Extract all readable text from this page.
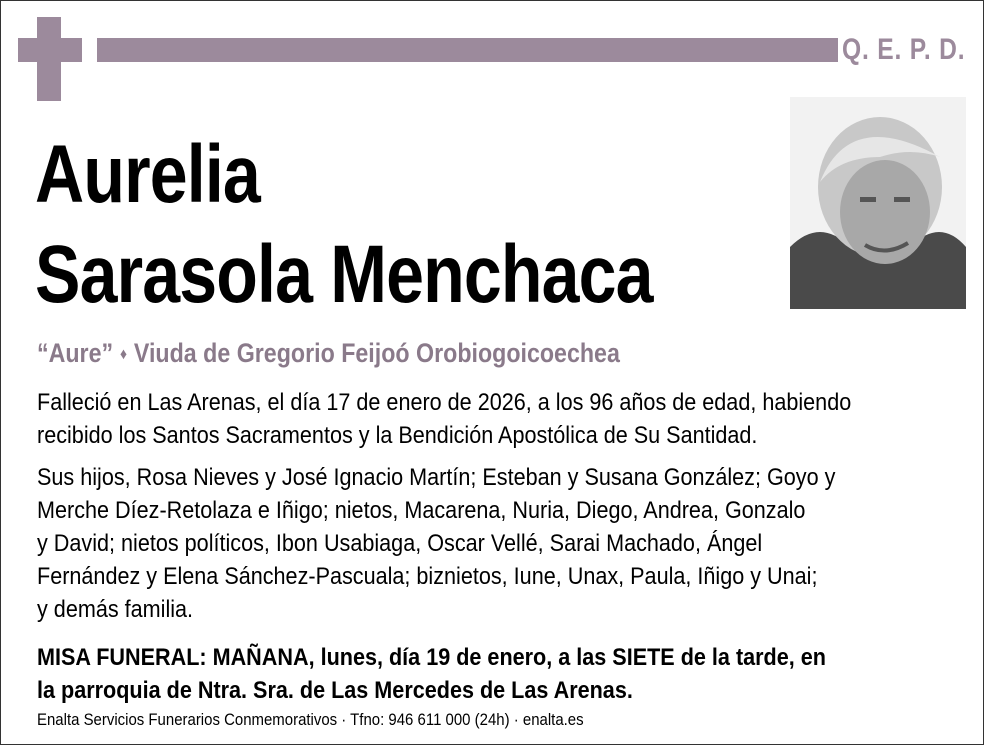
Q. E. P. D.
Aurelia
Sarasola Menchaca
“Aure” ♦ Viuda de Gregorio Feijoó Orobiogoicoechea
Falleció en Las Arenas, el día 17 de enero de 2026, a los 96 años de edad, habiendo
recibido los Santos Sacramentos y la Bendición Apostólica de Su Santidad.
Sus hijos, Rosa Nieves y José Ignacio Martín; Esteban y Susana González; Goyo y
Merche Díez-Retolaza e Iñigo; nietos, Macarena, Nuria, Diego, Andrea, Gonzalo
y David; nietos políticos, Ibon Usabiaga, Oscar Vellé, Sarai Machado, Ángel
Fernández y Elena Sánchez-Pascuala; biznietos, Iune, Unax, Paula, Iñigo y Unai;
y demás familia.
MISA FUNERAL: MAÑANA, lunes, día 19 de enero, a las SIETE de la tarde, en
la parroquia de Ntra. Sra. de Las Mercedes de Las Arenas.
Enalta Servicios Funerarios Conmemorativos · Tfno: 946 611 000 (24h) · enalta.es
